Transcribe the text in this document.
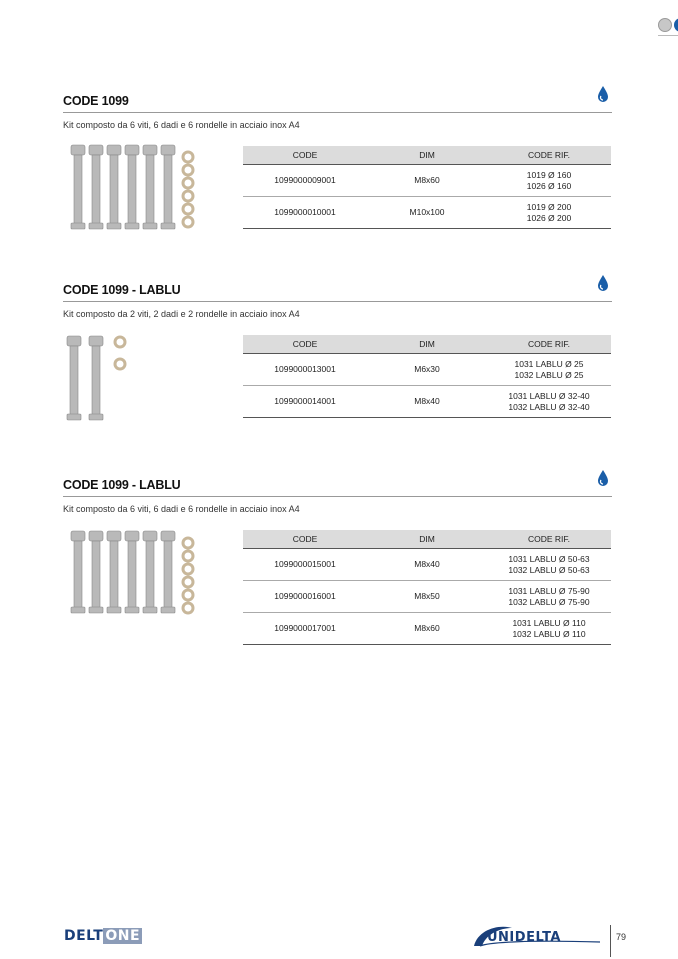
CODE 1099
Kit composto da 6 viti, 6 dadi e 6 rondelle in acciaio inox A4
CODE	DIM	CODE RIF.
1099000009001	M8x60	1019 Ø 160
1026 Ø 160
1099000010001	M10x100	1019 Ø 200
1026 Ø 200
CODE 1099 - LABLU
Kit composto da 2 viti, 2 dadi e 2 rondelle in acciaio inox A4
CODE	DIM	CODE RIF.
1099000013001	M6x30	1031 LABLU Ø 25
1032 LABLU Ø 25
1099000014001	M8x40	1031 LABLU Ø 32-40
1032 LABLU Ø 32-40
CODE 1099 - LABLU
Kit composto da 6 viti, 6 dadi e 6 rondelle in acciaio inox A4
CODE	DIM	CODE RIF.
1099000015001	M8x40	1031 LABLU Ø 50-63
1032 LABLU Ø 50-63
1099000016001	M8x50	1031 LABLU Ø 75-90
1032 LABLU Ø 75-90
1099000017001	M8x60	1031 LABLU Ø 110
1032 LABLU Ø 110
DELT ONE	UNIDELTA	79
